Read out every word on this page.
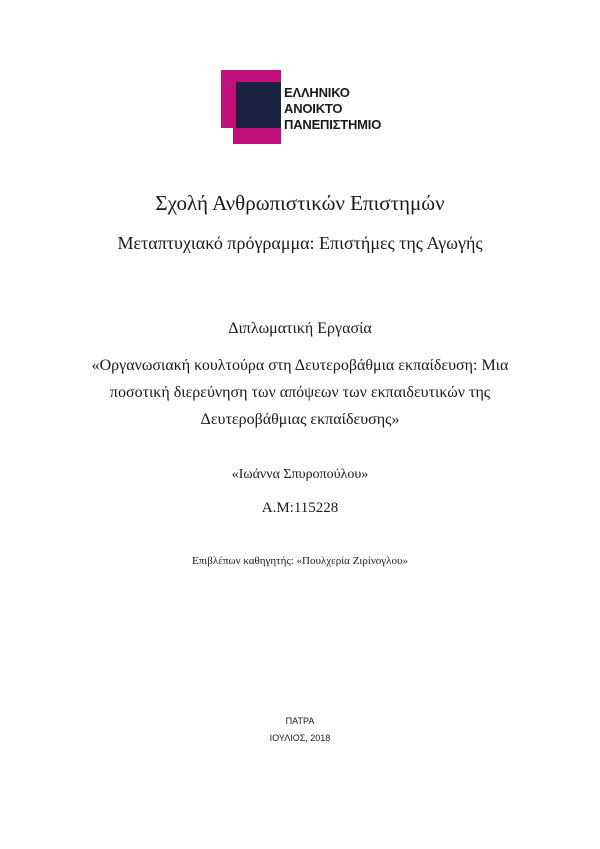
ΕΛΛΗΝΙΚΟ
ΑΝΟΙΚΤΟ
ΠΑΝΕΠΙΣΤΗΜΙΟ
Σχολή Ανθρωπιστικών Επιστημών
Μεταπτυχιακό πρόγραμμα: Επιστήμες της Αγωγής
Διπλωματική Εργασία
«Οργανωσιακή κουλτούρα στη Δευτεροβάθμια εκπαίδευση: Μια ποσοτική διερεύνηση των απόψεων των εκπαιδευτικών της Δευτεροβάθμιας εκπαίδευσης»
«Ιωάννα Σπυροπούλου»
Α.Μ:115228
Επιβλέπων καθηγητής: «Πουλχερία Ζιρίνογλου»
ΠΑΤΡΑ
ΙΟΥΛΙΟΣ, 2018
